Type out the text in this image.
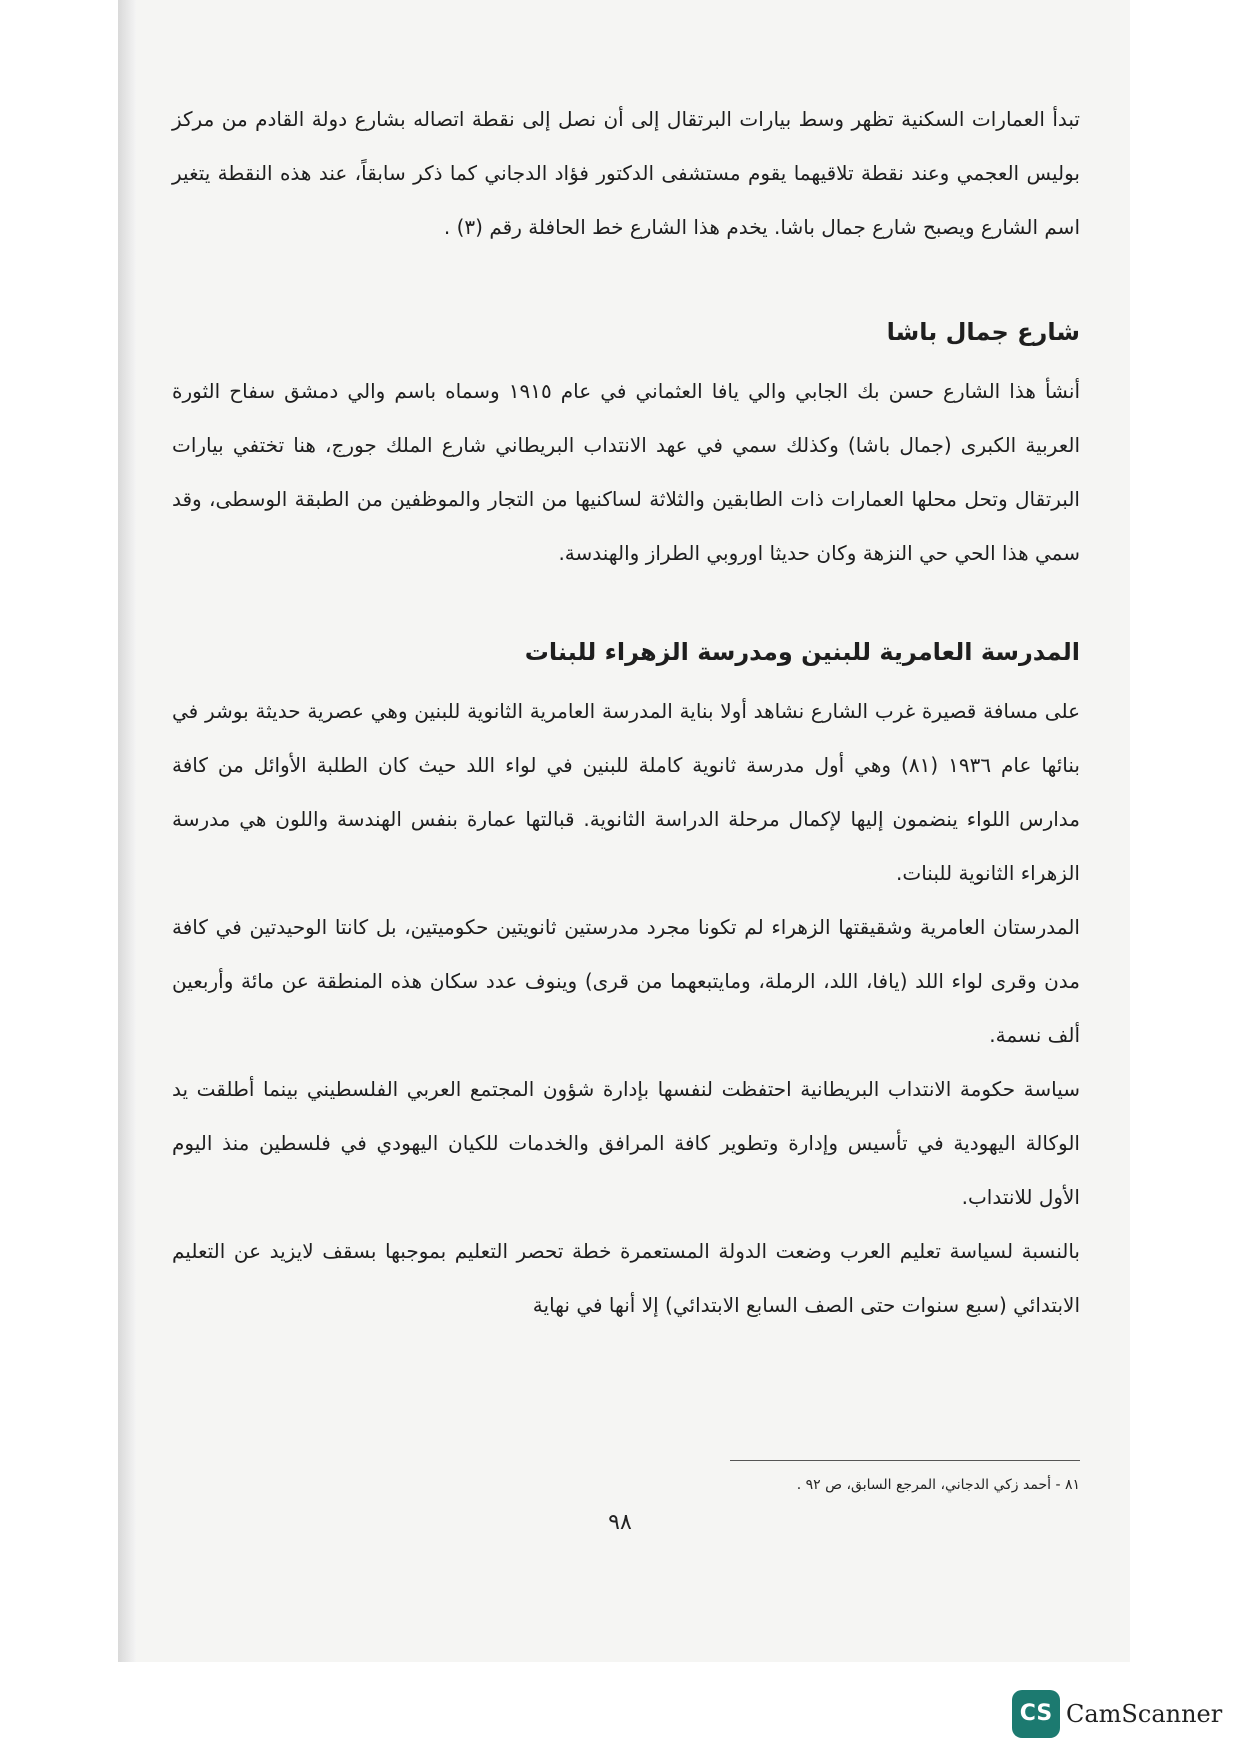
تبدأ العمارات السكنية تظهر وسط بيارات البرتقال إلى أن نصل إلى نقطة اتصاله بشارع دولة القادم من مركز بوليس العجمي وعند نقطة تلاقيهما يقوم مستشفى الدكتور فؤاد الدجاني كما ذكر سابقاً، عند هذه النقطة يتغير اسم الشارع ويصبح شارع جمال باشا. يخدم هذا الشارع خط الحافلة رقم (٣) .

شارع جمال باشا

أنشأ هذا الشارع حسن بك الجابي والي يافا العثماني في عام ١٩١٥ وسماه باسم والي دمشق سفاح الثورة العربية الكبرى (جمال باشا) وكذلك سمي في عهد الانتداب البريطاني شارع الملك جورج، هنا تختفي بيارات البرتقال وتحل محلها العمارات ذات الطابقين والثلاثة لساكنيها من التجار والموظفين من الطبقة الوسطى، وقد سمي هذا الحي حي النزهة وكان حديثا اوروبي الطراز والهندسة.

المدرسة العامرية للبنين ومدرسة الزهراء للبنات

على مسافة قصيرة غرب الشارع نشاهد أولا بناية المدرسة العامرية الثانوية للبنين وهي عصرية حديثة بوشر في بنائها عام ١٩٣٦ (٨١) وهي أول مدرسة ثانوية كاملة للبنين في لواء اللد حيث كان الطلبة الأوائل من كافة مدارس اللواء ينضمون إليها لإكمال مرحلة الدراسة الثانوية. قبالتها عمارة بنفس الهندسة واللون هي مدرسة الزهراء الثانوية للبنات.

المدرستان العامرية وشقيقتها الزهراء لم تكونا مجرد مدرستين ثانويتين حكوميتين، بل كانتا الوحيدتين في كافة مدن وقرى لواء اللد (يافا، اللد، الرملة، ومايتبعهما من قرى) وينوف عدد سكان هذه المنطقة عن مائة وأربعين ألف نسمة.

سياسة حكومة الانتداب البريطانية احتفظت لنفسها بإدارة شؤون المجتمع العربي الفلسطيني بينما أطلقت يد الوكالة اليهودية في تأسيس وإدارة وتطوير كافة المرافق والخدمات للكيان اليهودي في فلسطين منذ اليوم الأول للانتداب.

بالنسبة لسياسة تعليم العرب وضعت الدولة المستعمرة خطة تحصر التعليم بموجبها بسقف لايزيد عن التعليم الابتدائي (سبع سنوات حتى الصف السابع الابتدائي) إلا أنها في نهاية

٨١ - أحمد زكي الدجاني، المرجع السابق، ص ٩٢ .
٩٨
CS CamScanner
